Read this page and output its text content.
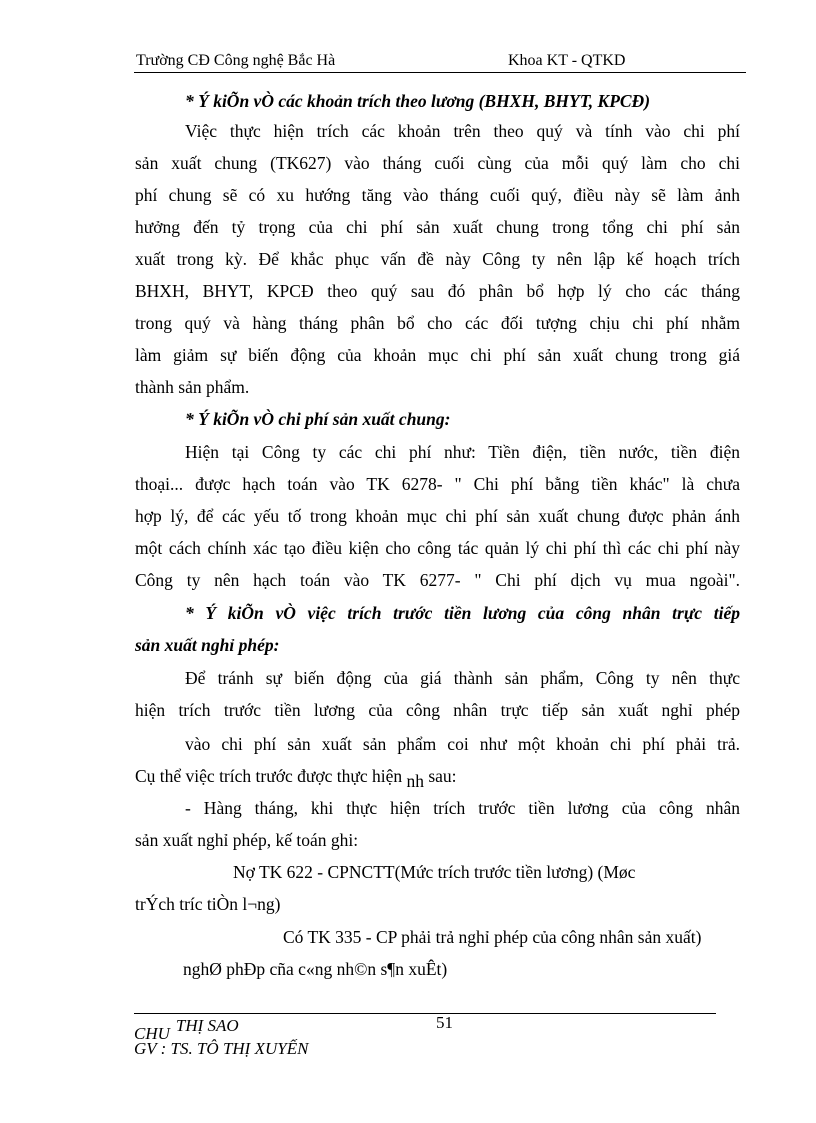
Trường CĐ Công nghệ Bắc Hà	Khoa KT - QTKD
* Ý kiÕn vÒ các khoản trích theo lương (BHXH, BHYT, KPCĐ)
Việc thực hiện trích các khoản trên theo quý và tính vào chi phí
sản xuất chung (TK627) vào tháng cuối cùng của mỗi quý làm cho chi
phí chung sẽ có xu hướng tăng vào tháng cuối quý, điều này sẽ làm ảnh
hưởng đến tỷ trọng của chi phí sản xuất chung trong tổng chi phí sản
xuất trong kỳ. Để khắc phục vấn đề này Công ty nên lập kế hoạch trích
BHXH, BHYT, KPCĐ theo quý sau đó phân bổ hợp lý cho các tháng
trong quý và hàng tháng phân bổ cho các đối tượng chịu chi phí nhằm
làm giảm sự biến động của khoản mục chi phí sản xuất chung trong giá
thành sản phẩm.
* Ý kiÕn vÒ chi phí sản xuất chung:
Hiện tại Công ty các chi phí như: Tiền điện, tiền nước, tiền điện
thoại... được hạch toán vào TK 6278- " Chi phí bằng tiền khác" là chưa
hợp lý, để các yếu tố trong khoản mục chi phí sản xuất chung được phản ánh
một cách chính xác tạo điều kiện cho công tác quản lý chi phí thì các chi phí này
Công ty nên hạch toán vào TK 6277- " Chi phí dịch vụ mua ngoài".
* Ý kiÕn vÒ việc trích trước tiền lương của công nhân trực tiếp
sản xuất nghỉ phép:
Để tránh sự biến động của giá thành sản phẩm, Công ty nên thực
hiện trích trước tiền lương của công nhân trực tiếp sản xuất nghỉ phép
vào chi phí sản xuất sản phẩm coi như một khoản chi phí phải trả.
Cụ thể việc trích trước được thực hiện nh sau:
- Hàng tháng, khi thực hiện trích trước tiền lương của công nhân
sản xuất nghỉ phép, kế toán ghi:
Nợ TK 622 - CPNCTT(Mức trích trước tiền lương) (Møc
trÝch tríc tiÒn l¬ng)
Có TK 335 - CP phải trả nghỉ phép của công nhân sản xuất)
nghØ phÐp cña c«ng nh©n s¶n xuÊt)
51
CHU THỊ SAO
GV : TS. TÔ THỊ XUYẾN
